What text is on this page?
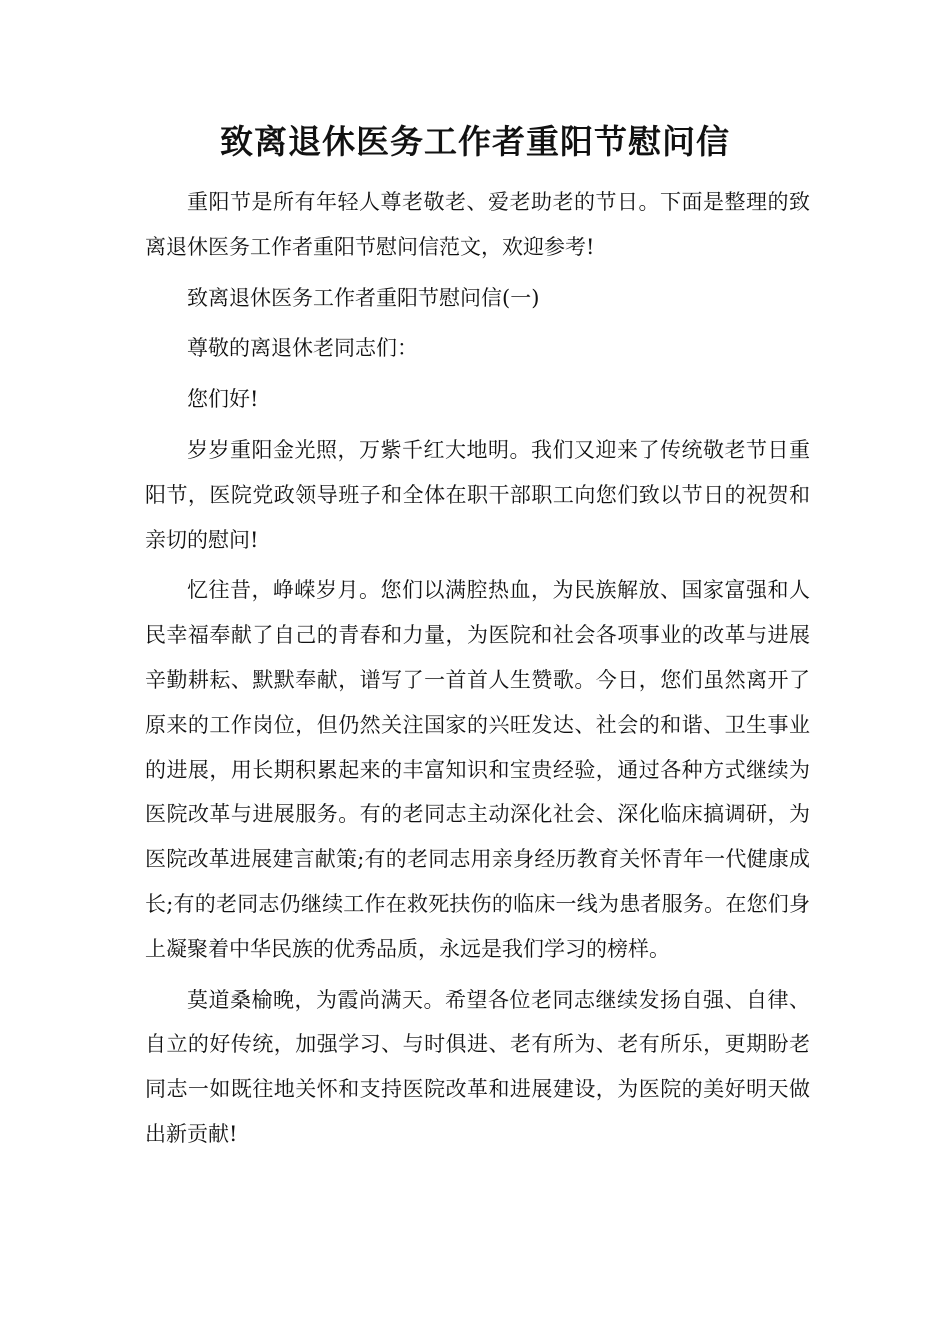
致离退休医务工作者重阳节慰问信

重阳节是所有年轻人尊老敬老、爱老助老的节日。下面是整理的致离退休医务工作者重阳节慰问信范文，欢迎参考!

致离退休医务工作者重阳节慰问信(一)

尊敬的离退休老同志们：

您们好!

岁岁重阳金光照，万紫千红大地明。我们又迎来了传统敬老节日重阳节，医院党政领导班子和全体在职干部职工向您们致以节日的祝贺和亲切的慰问!

忆往昔，峥嵘岁月。您们以满腔热血，为民族解放、国家富强和人民幸福奉献了自己的青春和力量，为医院和社会各项事业的改革与进展辛勤耕耘、默默奉献，谱写了一首首人生赞歌。今日，您们虽然离开了原来的工作岗位，但仍然关注国家的兴旺发达、社会的和谐、卫生事业的进展，用长期积累起来的丰富知识和宝贵经验，通过各种方式继续为医院改革与进展服务。有的老同志主动深化社会、深化临床搞调研，为医院改革进展建言献策;有的老同志用亲身经历教育关怀青年一代健康成长;有的老同志仍继续工作在救死扶伤的临床一线为患者服务。在您们身上凝聚着中华民族的优秀品质，永远是我们学习的榜样。

莫道桑榆晚，为霞尚满天。希望各位老同志继续发扬自强、自律、自立的好传统，加强学习、与时俱进、老有所为、老有所乐，更期盼老同志一如既往地关怀和支持医院改革和进展建设，为医院的美好明天做出新贡献!
